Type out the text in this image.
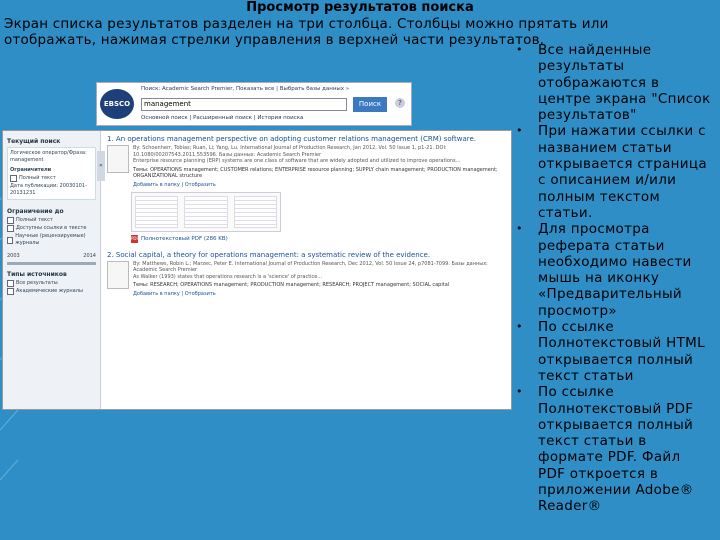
Просмотр результатов поиска
Экран списка результатов разделен на три столбца. Столбцы можно прятать или отображать, нажимая стрелки управления в верхней части результатов.
EBSCO
Поиск: Academic Search Premier, Показать все | Выбрать базы данных »
management	Поиск	?
Основной поиск | Расширенный поиск | История поиска
Текущий поиск
Логическое оператор/Фраза:
management
Ограничители
Полный текст
Дата публикации: 20030101-20131231
Ограничение до
Полный текст
Доступны ссылки в тексте
Научные (рецензируемые) журналы
2003	2014
Типы источников
Все результаты
Академические журналы
«
1. An operations management perspective on adopting customer relations management (CRM) software.
By: Schoenherr, Tobias; Ruan, Li; Yang, Lu. International Journal of Production Research, Jan 2012, Vol. 50 Issue 1, p1-21. DOI: 10.1080/00207543.2011.553596. Базы данных: Academic Search Premier
Enterprise resource planning (ERP) systems are one class of software that are widely adopted and utilized to improve operations...
Темы: OPERATIONS management; CUSTOMER relations; ENTERPRISE resource planning; SUPPLY chain management; PRODUCTION management; ORGANIZATIONAL structure
Добавить в папку | Отобразить
PDF Полнотекстовый PDF (286 KB)
2. Social capital, a theory for operations management: a systematic review of the evidence.
By: Matthews, Robin L.; Marzec, Peter E. International Journal of Production Research, Dec 2012, Vol. 50 Issue 24, p7081-7099. Базы данных: Academic Search Premier
As Walker (1993) states that operations research is a 'science' of practice...
Темы: RESEARCH; OPERATIONS management; PRODUCTION management; RESEARCH; PROJECT management; SOCIAL capital
Добавить в папку | Отобразить
• Все найденные результаты отображаются в центре экрана "Список результатов"
• При нажатии ссылки с названием статьи открывается страница с описанием и/или полным текстом статьи.
• Для просмотра реферата статьи необходимо навести мышь на иконку «Предварительный просмотр»
• По ссылке Полнотекстовый HTML открывается полный текст статьи
• По ссылке Полнотекстовый PDF открывается полный текст статьи в формате PDF. Файл PDF откроется в приложении Adobe® Reader®
